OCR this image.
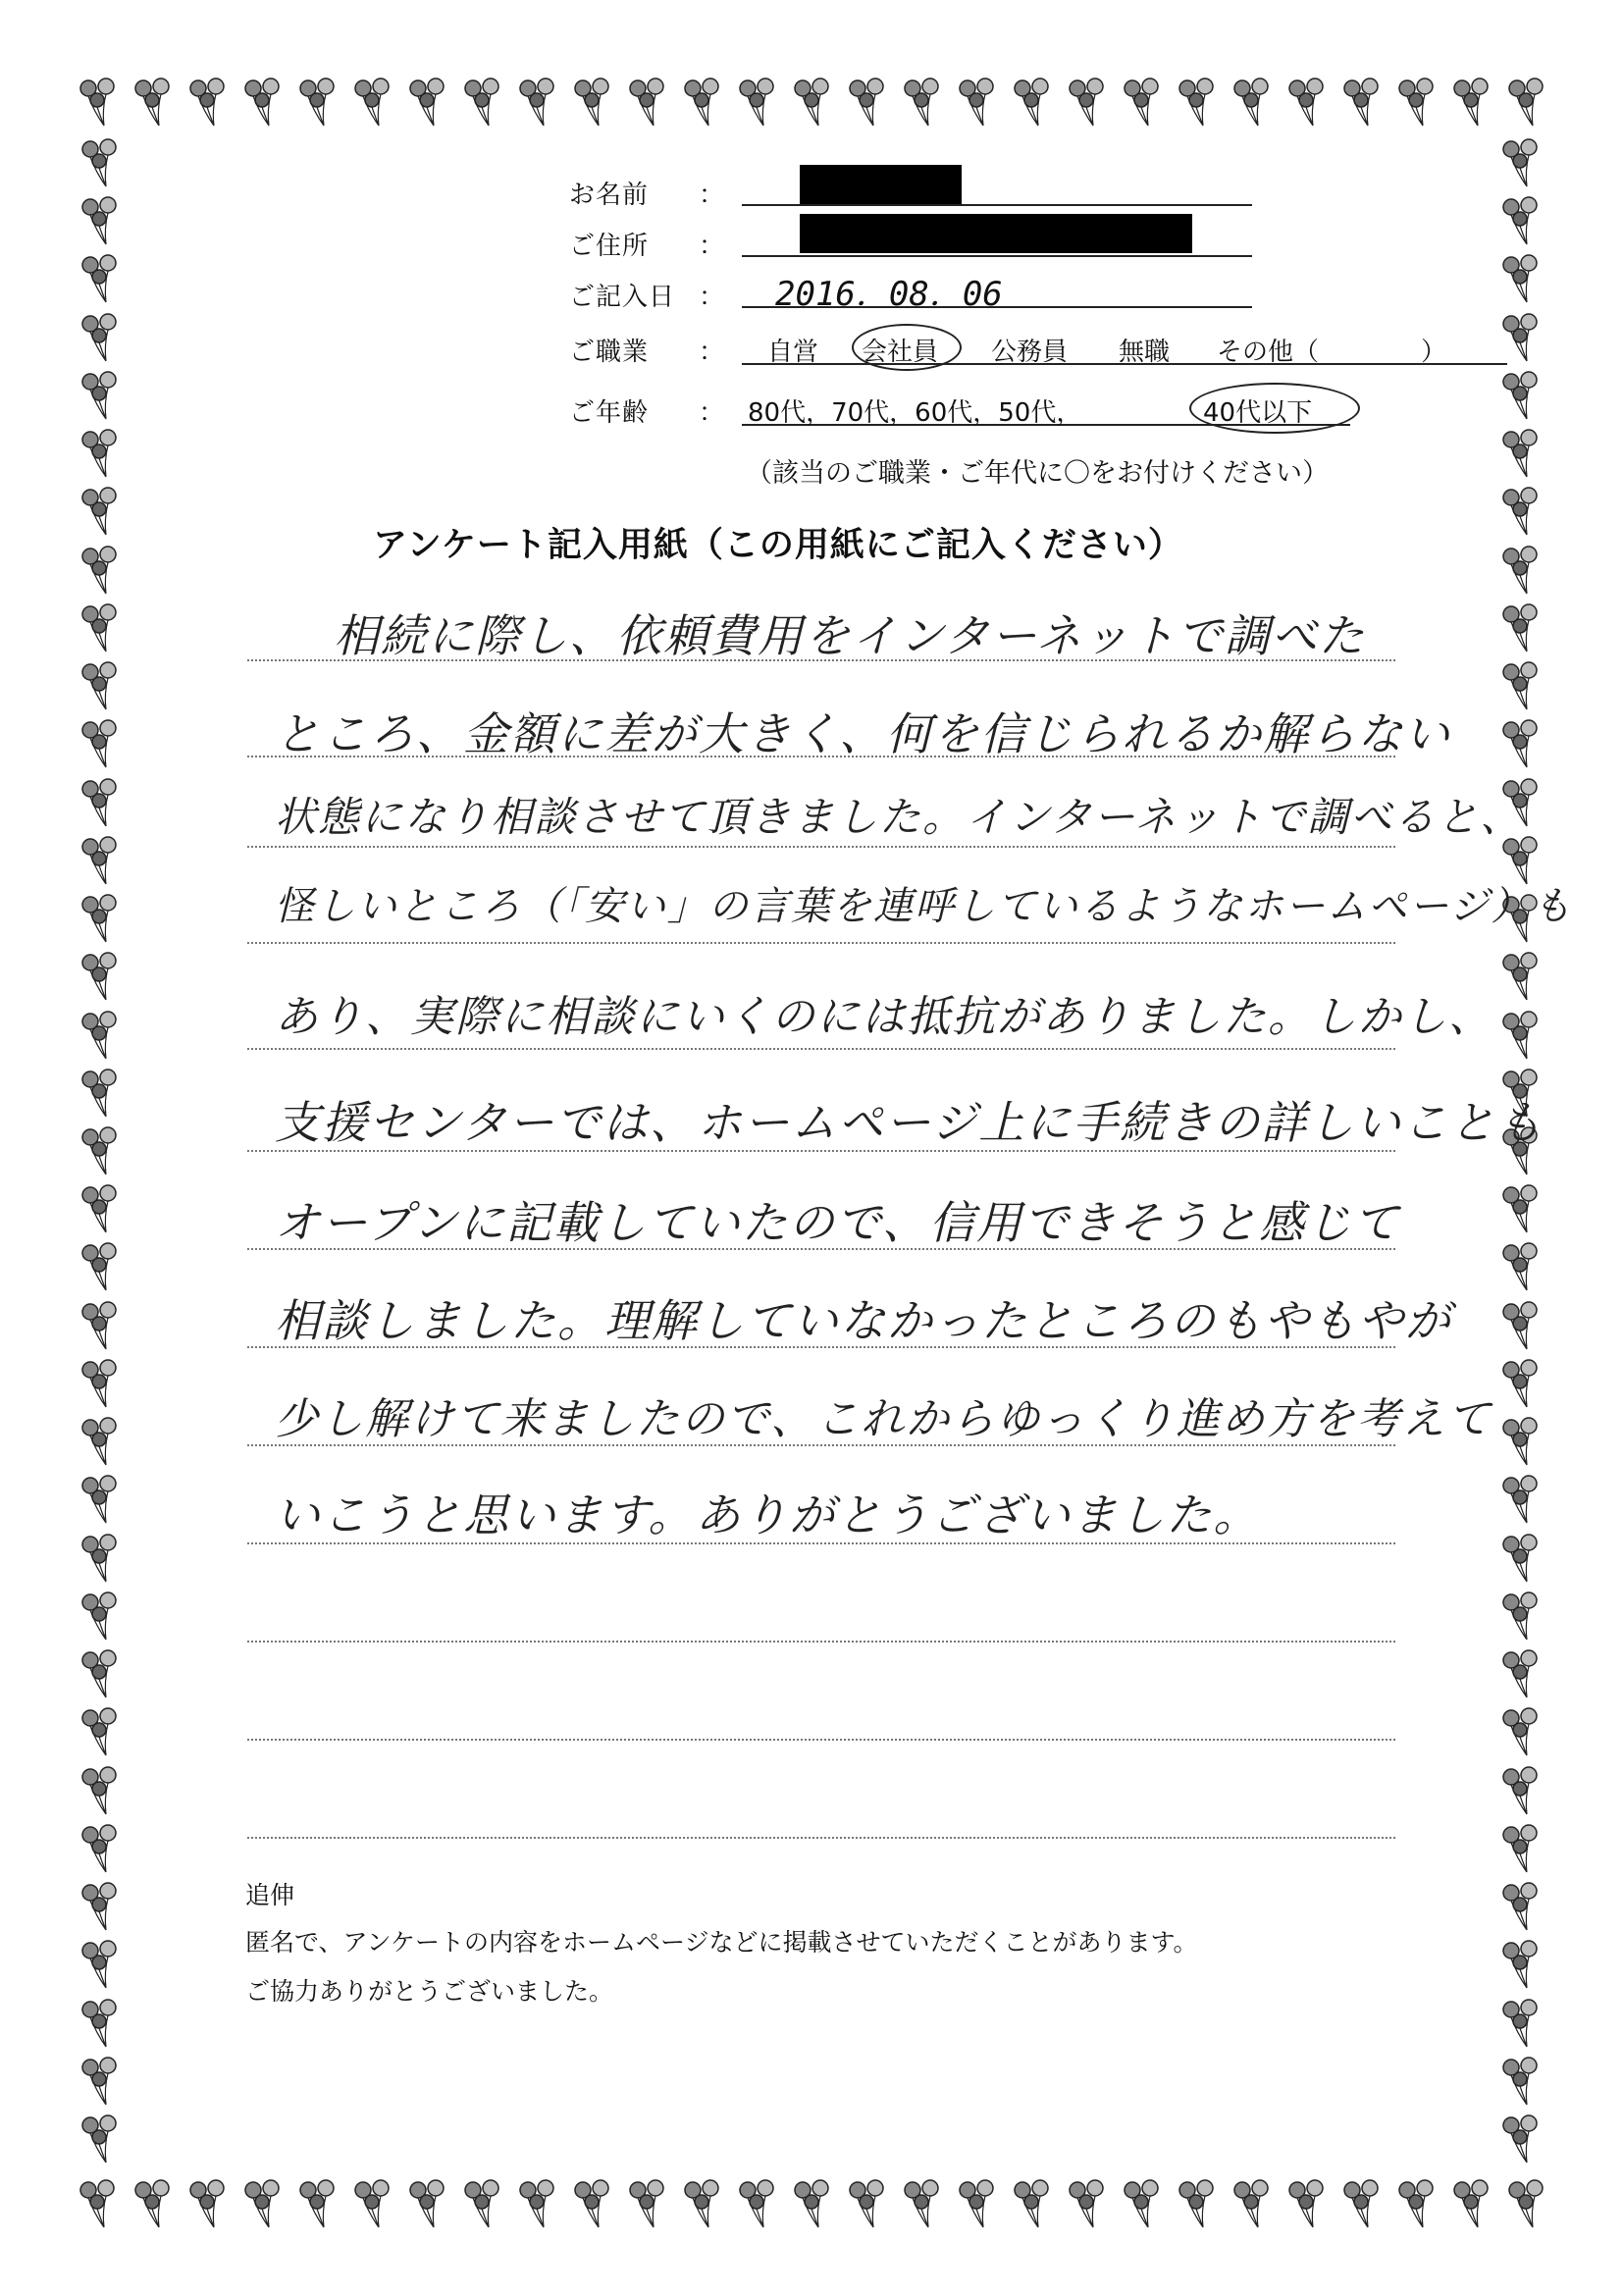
お名前 ：
ご住所 ：
ご記入日 ： 2016．08．06
ご職業 ： 自営 会社員 公務員 無職 その他（　　　　）
ご年齢 ： 80代，70代，60代，50代，	40代以下
（該当のご職業・ご年代に〇をお付けください）
アンケート記入用紙（この用紙にご記入ください）
相続に際し、依頼費用をインターネットで調べた
ところ、金額に差が大きく、何を信じられるか解らない
状態になり相談させて頂きました。インターネットで調べると、
怪しいところ（「安い」の言葉を連呼しているようなホームページ）も
あり、実際に相談にいくのには抵抗がありました。しかし、
支援センターでは、ホームページ上に手続きの詳しいことも
オープンに記載していたので、信用できそうと感じて
相談しました。理解していなかったところのもやもやが
少し解けて来ましたので、これからゆっくり進め方を考えて
いこうと思います。ありがとうございました。
追伸
匿名で、アンケートの内容をホームページなどに掲載させていただくことがあります。
ご協力ありがとうございました。
